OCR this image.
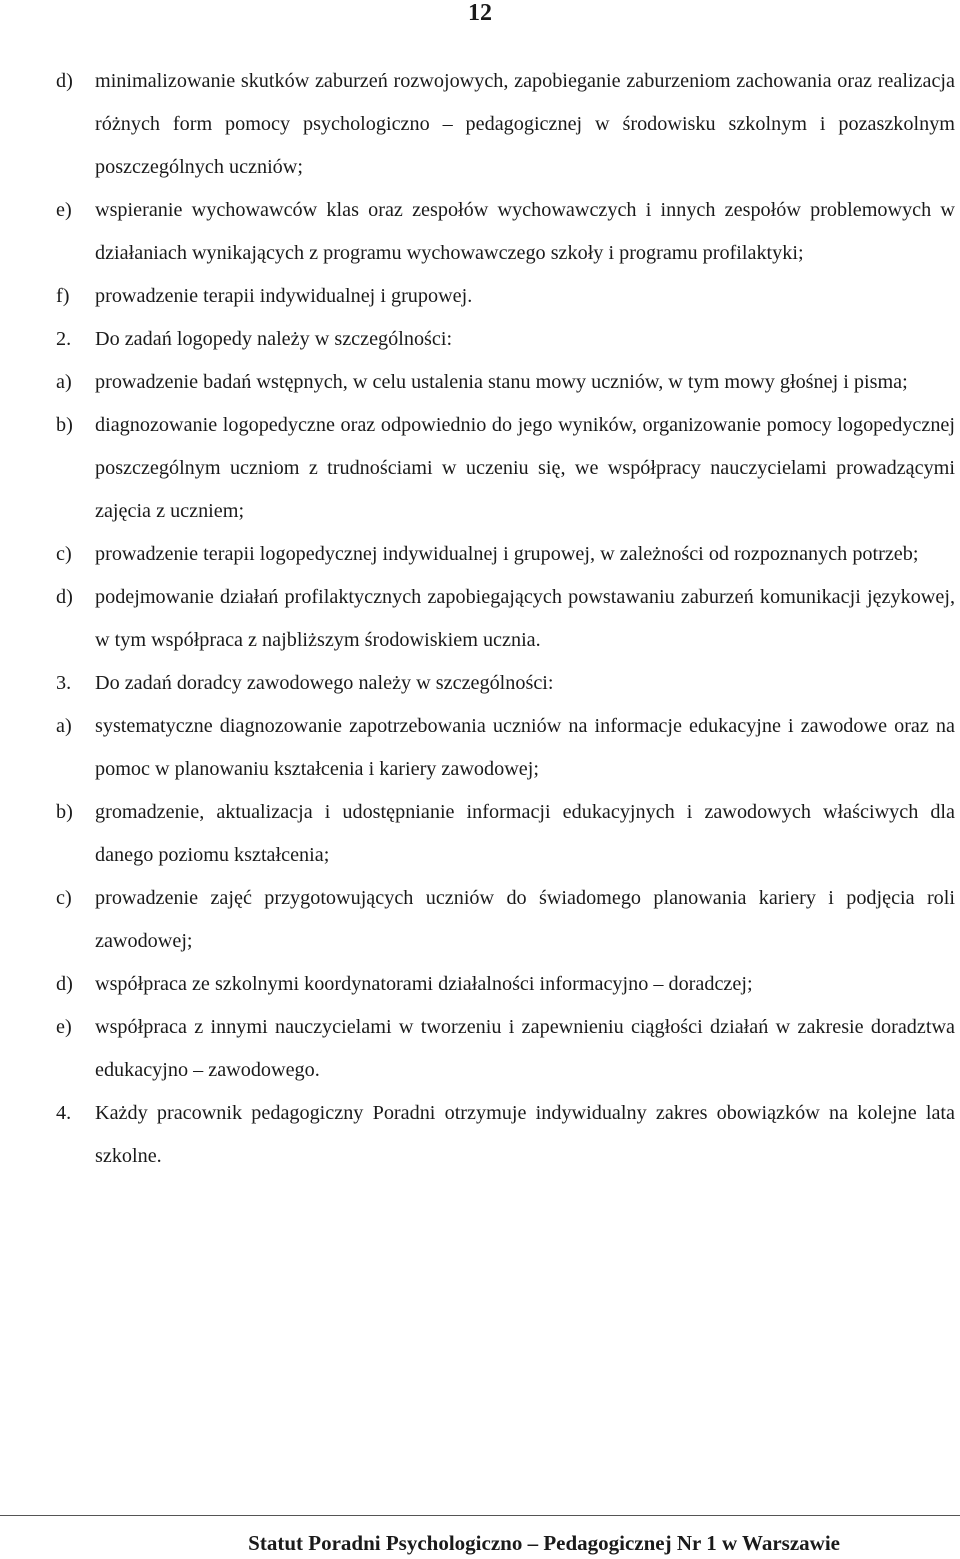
12
d) minimalizowanie skutków zaburzeń rozwojowych, zapobieganie zaburzeniom zachowania oraz realizacja różnych form pomocy psychologiczno – pedagogicznej w środowisku szkolnym i pozaszkolnym poszczególnych uczniów;
e) wspieranie wychowawców klas oraz zespołów wychowawczych i innych zespołów problemowych w działaniach wynikających z programu wychowawczego szkoły i programu profilaktyki;
f) prowadzenie terapii indywidualnej i grupowej.
2. Do zadań logopedy należy w szczególności:
a) prowadzenie badań wstępnych, w celu ustalenia stanu mowy uczniów, w tym mowy głośnej i pisma;
b) diagnozowanie logopedyczne oraz odpowiednio do jego wyników, organizowanie pomocy logopedycznej poszczególnym uczniom z trudnościami w uczeniu się, we współpracy nauczycielami prowadzącymi zajęcia z uczniem;
c) prowadzenie terapii logopedycznej indywidualnej i grupowej, w zależności od rozpoznanych potrzeb;
d) podejmowanie działań profilaktycznych zapobiegających powstawaniu zaburzeń komunikacji językowej, w tym współpraca z najbliższym środowiskiem ucznia.
3. Do zadań doradcy zawodowego należy w szczególności:
a) systematyczne diagnozowanie zapotrzebowania uczniów na informacje edukacyjne i zawodowe oraz na pomoc w planowaniu kształcenia i kariery zawodowej;
b) gromadzenie, aktualizacja i udostępnianie informacji edukacyjnych i zawodowych właściwych dla danego poziomu kształcenia;
c) prowadzenie zajęć przygotowujących uczniów do świadomego planowania kariery i podjęcia roli zawodowej;
d) współpraca ze szkolnymi koordynatorami działalności informacyjno – doradczej;
e) współpraca z innymi nauczycielami w tworzeniu i zapewnieniu ciągłości działań w zakresie doradztwa edukacyjno – zawodowego.
4. Każdy pracownik pedagogiczny Poradni otrzymuje indywidualny zakres obowiązków na kolejne lata szkolne.
Statut Poradni Psychologiczno – Pedagogicznej Nr 1 w Warszawie
